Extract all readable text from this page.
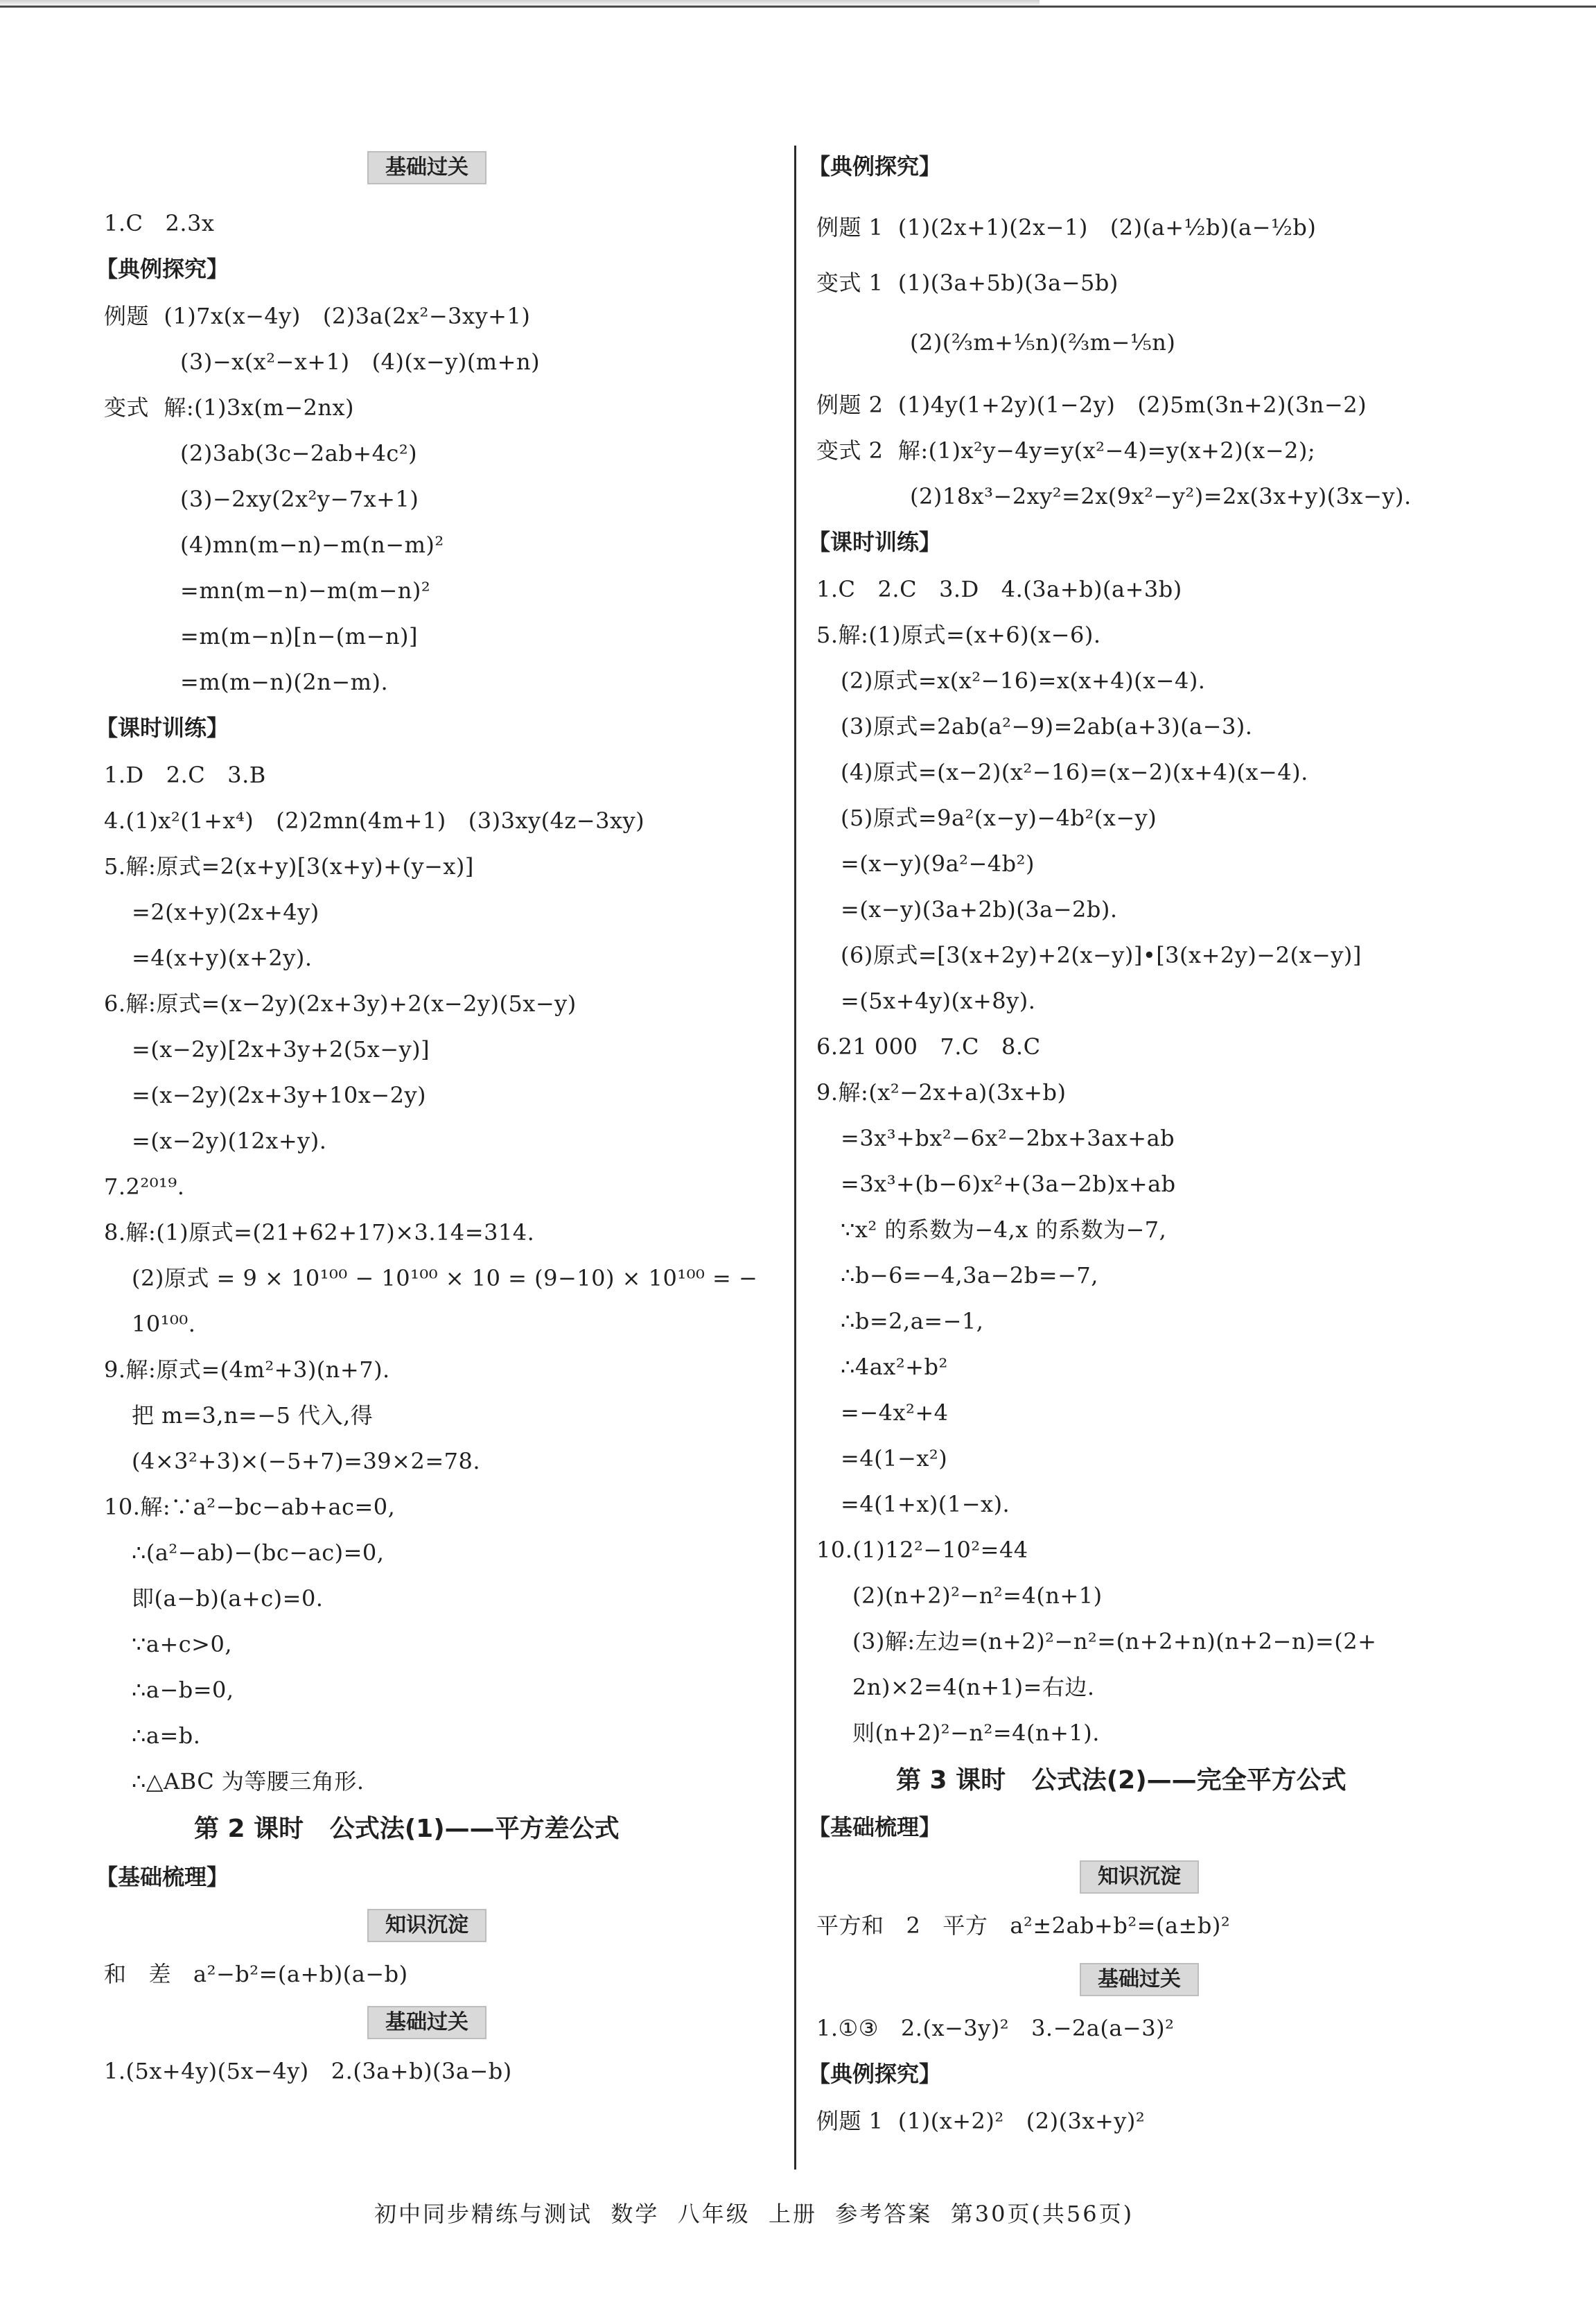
基础过关
1.C   2.3x
【典例探究】
例题  (1)7x(x−4y)   (2)3a(2x²−3xy+1)
(3)−x(x²−x+1)   (4)(x−y)(m+n)
变式  解:(1)3x(m−2nx)
(2)3ab(3c−2ab+4c²)
(3)−2xy(2x²y−7x+1)
(4)mn(m−n)−m(n−m)²
=mn(m−n)−m(m−n)²
=m(m−n)[n−(m−n)]
=m(m−n)(2n−m).
【课时训练】
1.D   2.C   3.B
4.(1)x²(1+x⁴)   (2)2mn(4m+1)   (3)3xy(4z−3xy)
5.解:原式=2(x+y)[3(x+y)+(y−x)]
=2(x+y)(2x+4y)
=4(x+y)(x+2y).
6.解:原式=(x−2y)(2x+3y)+2(x−2y)(5x−y)
=(x−2y)[2x+3y+2(5x−y)]
=(x−2y)(2x+3y+10x−2y)
=(x−2y)(12x+y).
7.2²⁰¹⁹.
8.解:(1)原式=(21+62+17)×3.14=314.
(2)原式 = 9 × 10¹⁰⁰ − 10¹⁰⁰ × 10 = (9−10) × 10¹⁰⁰ = −
10¹⁰⁰.
9.解:原式=(4m²+3)(n+7).
把 m=3,n=−5 代入,得
(4×3²+3)×(−5+7)=39×2=78.
10.解:∵a²−bc−ab+ac=0,
∴(a²−ab)−(bc−ac)=0,
即(a−b)(a+c)=0.
∵a+c>0,
∴a−b=0,
∴a=b.
∴△ABC 为等腰三角形.
第 2 课时   公式法(1)——平方差公式
【基础梳理】
知识沉淀
和   差   a²−b²=(a+b)(a−b)
基础过关
1.(5x+4y)(5x−4y)   2.(3a+b)(3a−b)
【典例探究】
例题 1  (1)(2x+1)(2x−1)   (2)(a+½b)(a−½b)
变式 1  (1)(3a+5b)(3a−5b)
(2)(⅔m+⅕n)(⅔m−⅕n)
例题 2  (1)4y(1+2y)(1−2y)   (2)5m(3n+2)(3n−2)
变式 2  解:(1)x²y−4y=y(x²−4)=y(x+2)(x−2);
(2)18x³−2xy²=2x(9x²−y²)=2x(3x+y)(3x−y).
【课时训练】
1.C   2.C   3.D   4.(3a+b)(a+3b)
5.解:(1)原式=(x+6)(x−6).
(2)原式=x(x²−16)=x(x+4)(x−4).
(3)原式=2ab(a²−9)=2ab(a+3)(a−3).
(4)原式=(x−2)(x²−16)=(x−2)(x+4)(x−4).
(5)原式=9a²(x−y)−4b²(x−y)
=(x−y)(9a²−4b²)
=(x−y)(3a+2b)(3a−2b).
(6)原式=[3(x+2y)+2(x−y)]•[3(x+2y)−2(x−y)]
=(5x+4y)(x+8y).
6.21 000   7.C   8.C
9.解:(x²−2x+a)(3x+b)
=3x³+bx²−6x²−2bx+3ax+ab
=3x³+(b−6)x²+(3a−2b)x+ab
∵x² 的系数为−4,x 的系数为−7,
∴b−6=−4,3a−2b=−7,
∴b=2,a=−1,
∴4ax²+b²
=−4x²+4
=4(1−x²)
=4(1+x)(1−x).
10.(1)12²−10²=44
(2)(n+2)²−n²=4(n+1)
(3)解:左边=(n+2)²−n²=(n+2+n)(n+2−n)=(2+
2n)×2=4(n+1)=右边.
则(n+2)²−n²=4(n+1).
第 3 课时   公式法(2)——完全平方公式
【基础梳理】
知识沉淀
平方和   2   平方   a²±2ab+b²=(a±b)²
基础过关
1.①③   2.(x−3y)²   3.−2a(a−3)²
【典例探究】
例题 1  (1)(x+2)²   (2)(3x+y)²
初中同步精练与测试  数学  八年级  上册  参考答案  第30页(共56页)
